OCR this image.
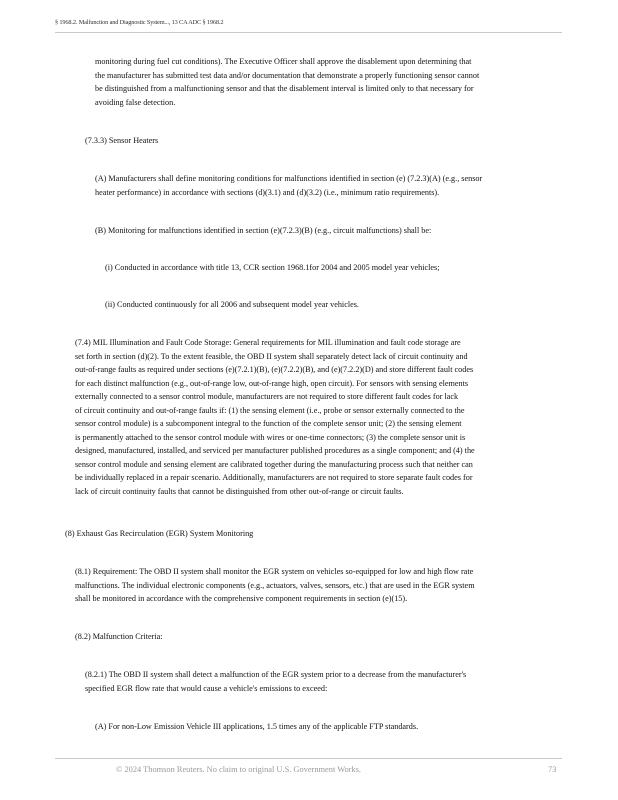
§ 1968.2. Malfunction and Diagnostic System..., 13 CA ADC § 1968.2
monitoring during fuel cut conditions). The Executive Officer shall approve the disablement upon determining that
the manufacturer has submitted test data and/or documentation that demonstrate a properly functioning sensor cannot
be distinguished from a malfunctioning sensor and that the disablement interval is limited only to that necessary for
avoiding false detection.
(7.3.3) Sensor Heaters
(A) Manufacturers shall define monitoring conditions for malfunctions identified in section (e) (7.2.3)(A) (e.g., sensor
heater performance) in accordance with sections (d)(3.1) and (d)(3.2) (i.e., minimum ratio requirements).
(B) Monitoring for malfunctions identified in section (e)(7.2.3)(B) (e.g., circuit malfunctions) shall be:
(i) Conducted in accordance with title 13, CCR section 1968.1for 2004 and 2005 model year vehicles;
(ii) Conducted continuously for all 2006 and subsequent model year vehicles.
(7.4) MIL Illumination and Fault Code Storage: General requirements for MIL illumination and fault code storage are
set forth in section (d)(2). To the extent feasible, the OBD II system shall separately detect lack of circuit continuity and
out-of-range faults as required under sections (e)(7.2.1)(B), (e)(7.2.2)(B), and (e)(7.2.2)(D) and store different fault codes
for each distinct malfunction (e.g., out-of-range low, out-of-range high, open circuit). For sensors with sensing elements
externally connected to a sensor control module, manufacturers are not required to store different fault codes for lack
of circuit continuity and out-of-range faults if: (1) the sensing element (i.e., probe or sensor externally connected to the
sensor control module) is a subcomponent integral to the function of the complete sensor unit; (2) the sensing element
is permanently attached to the sensor control module with wires or one-time connectors; (3) the complete sensor unit is
designed, manufactured, installed, and serviced per manufacturer published procedures as a single component; and (4) the
sensor control module and sensing element are calibrated together during the manufacturing process such that neither can
be individually replaced in a repair scenario. Additionally, manufacturers are not required to store separate fault codes for
lack of circuit continuity faults that cannot be distinguished from other out-of-range or circuit faults.
(8) Exhaust Gas Recirculation (EGR) System Monitoring
(8.1) Requirement: The OBD II system shall monitor the EGR system on vehicles so-equipped for low and high flow rate
malfunctions. The individual electronic components (e.g., actuators, valves, sensors, etc.) that are used in the EGR system
shall be monitored in accordance with the comprehensive component requirements in section (e)(15).
(8.2) Malfunction Criteria:
(8.2.1) The OBD II system shall detect a malfunction of the EGR system prior to a decrease from the manufacturer's
specified EGR flow rate that would cause a vehicle's emissions to exceed:
(A) For non-Low Emission Vehicle III applications, 1.5 times any of the applicable FTP standards.
© 2024 Thomson Reuters. No claim to original U.S. Government Works.	73
